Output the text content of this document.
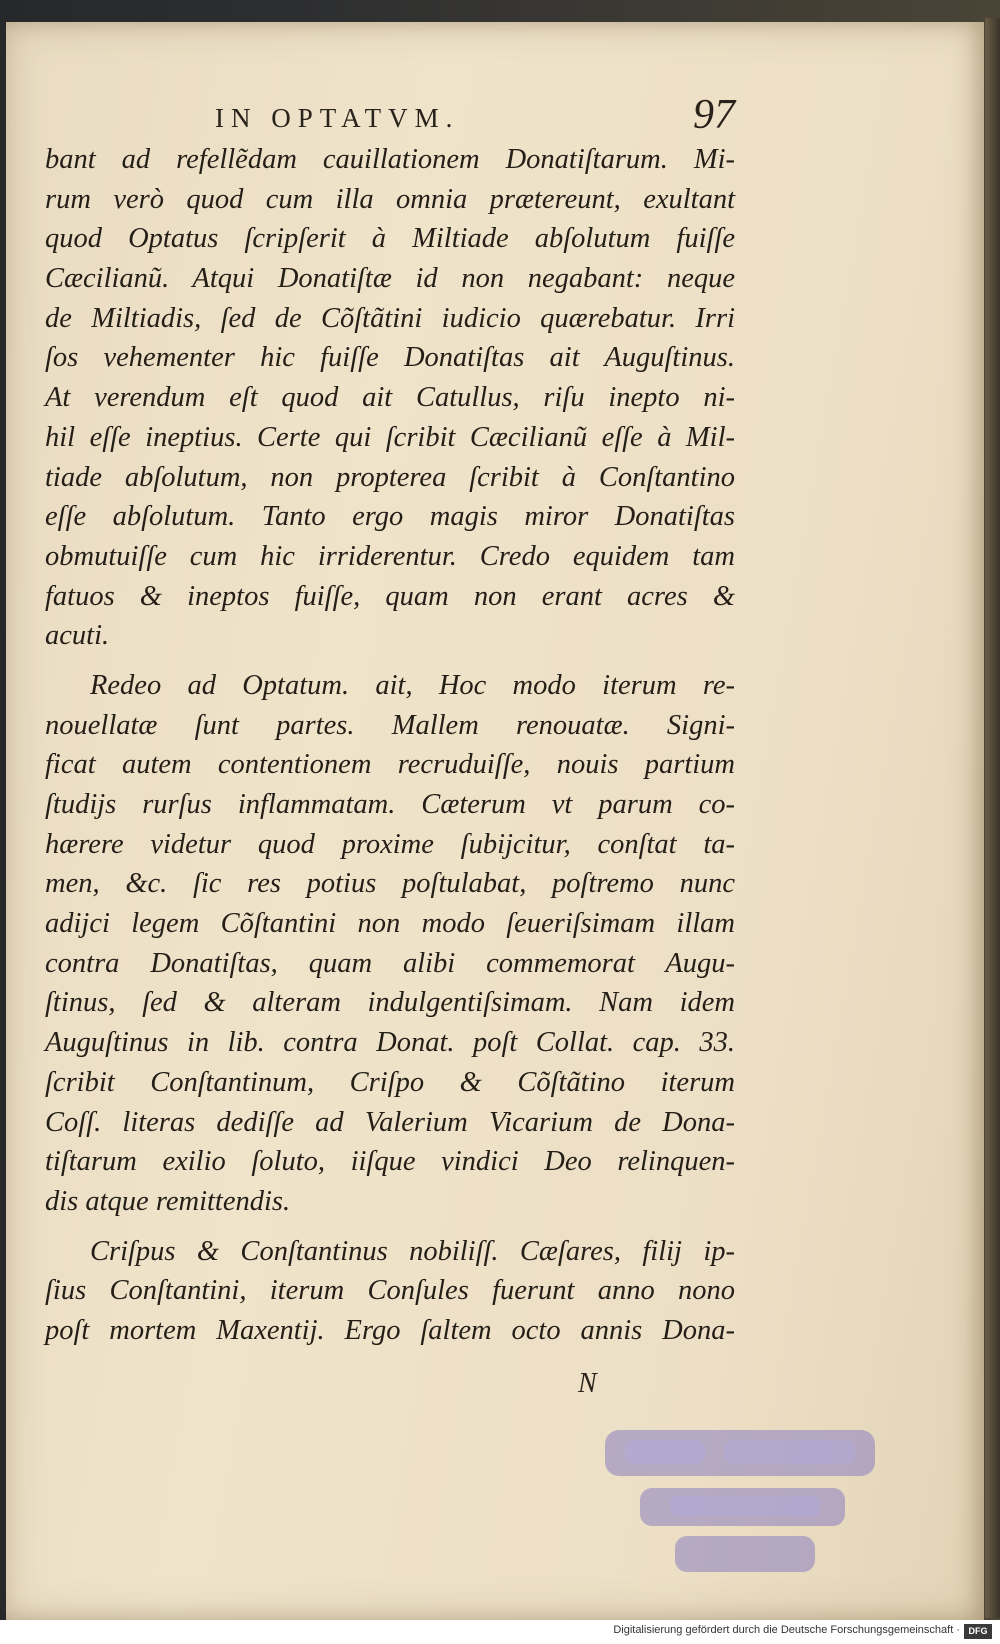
IN OPTATVM.	97
bant ad refellẽdam cauillationem Donatiſtarum. Mi-
rum verò quod cum illa omnia prætereunt, exultant
quod Optatus ſcripſerit à Miltiade abſolutum fuiſſe
Cæcilianũ. Atqui Donatiſtæ id non negabant: neque
de Miltiadis, ſed de Cõſtãtini iudicio quærebatur. Irri
ſos vehementer hic fuiſſe Donatiſtas ait Auguſtinus.
At verendum eſt quod ait Catullus, riſu inepto ni-
hil eſſe ineptius. Certe qui ſcribit Cæcilianũ eſſe à Mil-
tiade abſolutum, non propterea ſcribit à Conſtantino
eſſe abſolutum. Tanto ergo magis miror Donatiſtas
obmutuiſſe cum hic irriderentur. Credo equidem tam
fatuos & ineptos fuiſſe, quam non erant acres &
acuti.
Redeo ad Optatum. ait, Hoc modo iterum re-
nouellatæ ſunt partes. Mallem renouatæ. Signi-
ficat autem contentionem recruduiſſe, nouis partium
ſtudijs rurſus inflammatam. Cæterum vt parum co-
hærere videtur quod proxime ſubijcitur, conſtat ta-
men, &c. ſic res potius poſtulabat, poſtremo nunc
adijci legem Cõſtantini non modo ſeueriſsimam illam
contra Donatiſtas, quam alibi commemorat Augu-
ſtinus, ſed & alteram indulgentiſsimam. Nam idem
Auguſtinus in lib. contra Donat. poſt Collat. cap. 33.
ſcribit Conſtantinum, Criſpo & Cõſtãtino iterum
Coſſ. literas dediſſe ad Valerium Vicarium de Dona-
tiſtarum exilio ſoluto, iiſque vindici Deo relinquen-
dis atque remittendis.
Criſpus & Conſtantinus nobiliſſ. Cæſares, filij ip-
ſius Conſtantini, iterum Conſules fuerunt anno nono
poſt mortem Maxentij. Ergo ſaltem octo annis Dona-
N
Digitalisierung gefördert durch die Deutsche Forschungsgemeinschaft · DFG
